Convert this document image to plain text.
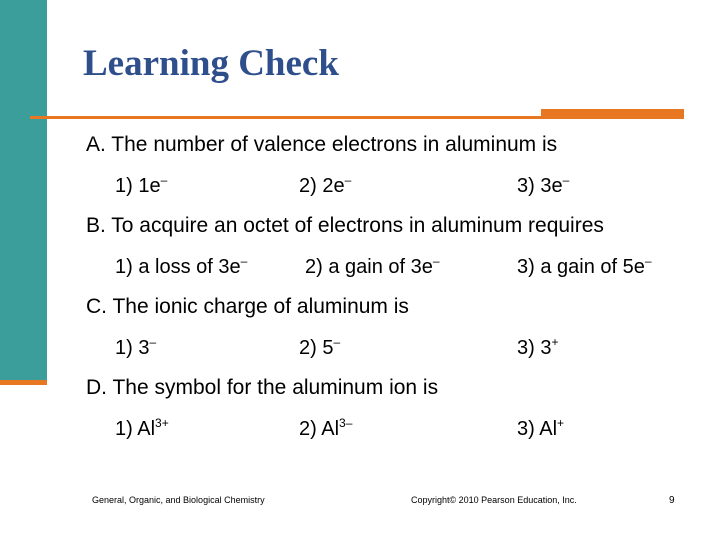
Learning Check
A. The number of valence electrons in aluminum is
1) 1e–	2) 2e–	3) 3e–
B. To acquire an octet of electrons in aluminum requires
1) a loss of 3e–	2) a gain of 3e–	3) a gain of 5e–
C. The ionic charge of aluminum is
1) 3–	2) 5–	3) 3+
D. The symbol for the aluminum ion is
1) $Al^{3+}$	2) $Al^{3-}$	3) Al+
General, Organic, and Biological Chemistry	Copyright© 2010 Pearson Education, Inc.	9
